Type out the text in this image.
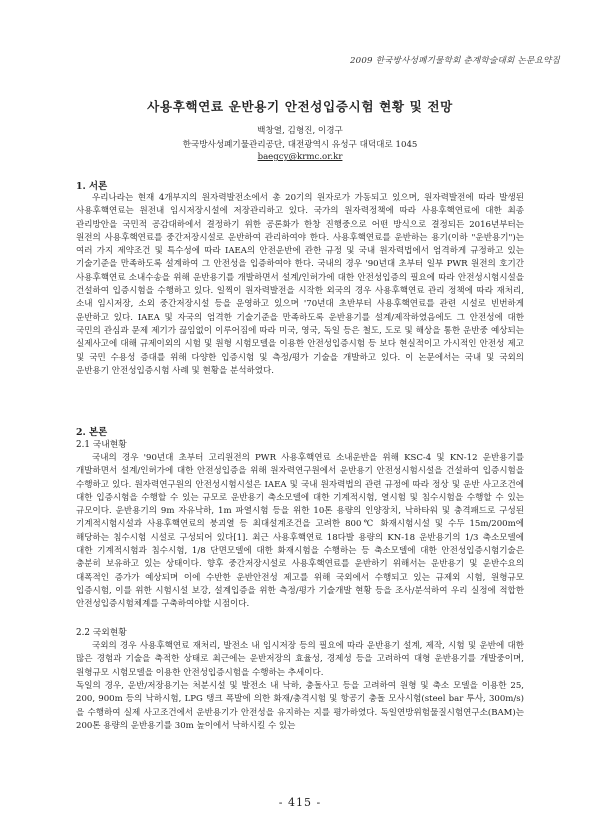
2009 한국방사성폐기물학회 춘계학술대회 논문요약집
사용후핵연료 운반용기 안전성입증시험 현황 및 전망
백창열, 김형진, 이경구
한국방사성폐기물관리공단, 대전광역시 유성구 대덕대로 1045
baegcy@krmc.or.kr
1. 서론

우리나라는 현재 4개부지의 원자력발전소에서 총 20기의 원자로가 가동되고 있으며, 원자력발전에 따라 발생된 사용후핵연료는 원전내 임시저장시설에 저장관리하고 있다. 국가의 원자력정책에 따라 사용후핵연료에 대한 최종 관리방안을 국민적 공감대하에서 결정하기 위한 공론화가 한창 진행중으로 어떤 방식으로 결정되든 2016년부터는 원전의 사용후핵연료를 중간저장시설로 운반하여 관리하여야 한다. 사용후핵연료를 운반하는 용기(이하 "운반용기")는 여러 가지 제약조건 및 특수성에 따라 IAEA의 안전운반에 관한 규정 및 국내 원자력법에서 엄격하게 규정하고 있는 기술기준을 만족하도록 설계하여 그 안전성을 입증하여야 한다. 국내의 경우 '90년대 초부터 일부 PWR 원전의 호기간 사용후핵연료 소내수송을 위해 운반용기를 개발하면서 설계/인허가에 대한 안전성입증의 필요에 따라 안전성시험시설을 건설하여 입증시험을 수행하고 있다. 일찍이 원자력발전을 시작한 외국의 경우 사용후핵연료 관리 정책에 따라 재처리, 소내 임시저장, 소외 중간저장시설 등을 운영하고 있으며 '70년대 초반부터 사용후핵연료를 관련 시설로 빈번하게 운반하고 있다. IAEA 및 자국의 엄격한 기술기준을 만족하도록 운반용기를 설계/제작하였음에도 그 안전성에 대한 국민의 관심과 문제 제기가 끊임없이 이루어짐에 따라 미국, 영국, 독일 등은 철도, 도로 및 해상을 통한 운반중 예상되는 실제사고에 대해 규제이외의 시험 및 원형 시험모델을 이용한 안전성입증시험 등 보다 현실적이고 가시적인 안전성 제고 및 국민 수용성 증대를 위해 다양한 입증시험 및 측정/평가 기술을 개발하고 있다. 이 논문에서는 국내 및 국외의 운반용기 안전성입증시험 사례 및 현황을 분석하였다.

2. 본론
2.1 국내현황

국내의 경우 '90년대 초부터 고리원전의 PWR 사용후핵연료 소내운반을 위해 KSC-4 및 KN-12 운반용기를 개발하면서 설계/인허가에 대한 안전성입증을 위해 원자력연구원에서 운반용기 안전성시험시설을 건설하여 입증시험을 수행하고 있다. 원자력연구원의 안전성시험시설은 IAEA 및 국내 원자력법의 관련 규정에 따라 정상 및 운반 사고조건에 대한 입증시험을 수행할 수 있는 규모로 운반용기 축소모델에 대한 기계적시험, 열시험 및 침수시험을 수행할 수 있는 규모이다. 운반용기의 9m 자유낙하, 1m 파열시험 등을 위한 10톤 용량의 인양장치, 낙하타워 및 충격패드로 구성된 기계적시험시설과 사용후핵연료의 붕괴열 등 최대설계조건을 고려한 800℃ 화재시험시설 및 수두 15m/200m에 해당하는 침수시험 시설로 구성되어 있다[1]. 최근 사용후핵연료 18다발 용량의 KN-18 운반용기의 1/3 축소모델에 대한 기계적시험과 침수시험, 1/8 단면모델에 대한 화재시험을 수행하는 등 축소모델에 대한 안전성입증시험기술은 충분히 보유하고 있는 상태이다. 향후 중간저장시설로 사용후핵연료를 운반하기 위해서는 운반용기 및 운반수요의 대폭적인 증가가 예상되며 이에 수반한 운반안전성 제고를 위해 국외에서 수행되고 있는 규제외 시험, 원형규모 입증시험, 이를 위한 시험시설 보강, 설계입증을 위한 측정/평가 기술개발 현황 등을 조사/분석하여 우리 실정에 적합한 안전성입증시험체계를 구축하여야할 시점이다.

2.2 국외현황

국외의 경우 사용후핵연료 재처리, 발전소 내 임시저장 등의 필요에 따라 운반용기 설계, 제작, 시험 및 운반에 대한 많은 경험과 기술을 축적한 상태로 최근에는 운반저장의 효율성, 경제성 등을 고려하여 대형 운반용기를 개발중이며, 원형규모 시험모델을 이용한 안전성입증시험을 수행하는 추세이다.

독일의 경우, 운반/저장용기는 처분시설 및 발전소 내 낙하, 충돌사고 등을 고려하여 원형 및 축소 모델을 이용한 25, 200, 900m 등의 낙하시험, LPG 탱크 폭발에 의한 화재/충격시험 및 항공기 충돌 모사시험(steel bar 투사, 300m/s)을 수행하여 실제 사고조건에서 운반용기가 안전성을 유지하는 지를 평가하였다. 독일연방위험물질시험연구소(BAM)는 200톤 용량의 운반용기를 30m 높이에서 낙하시킬 수 있는

- 415 -
